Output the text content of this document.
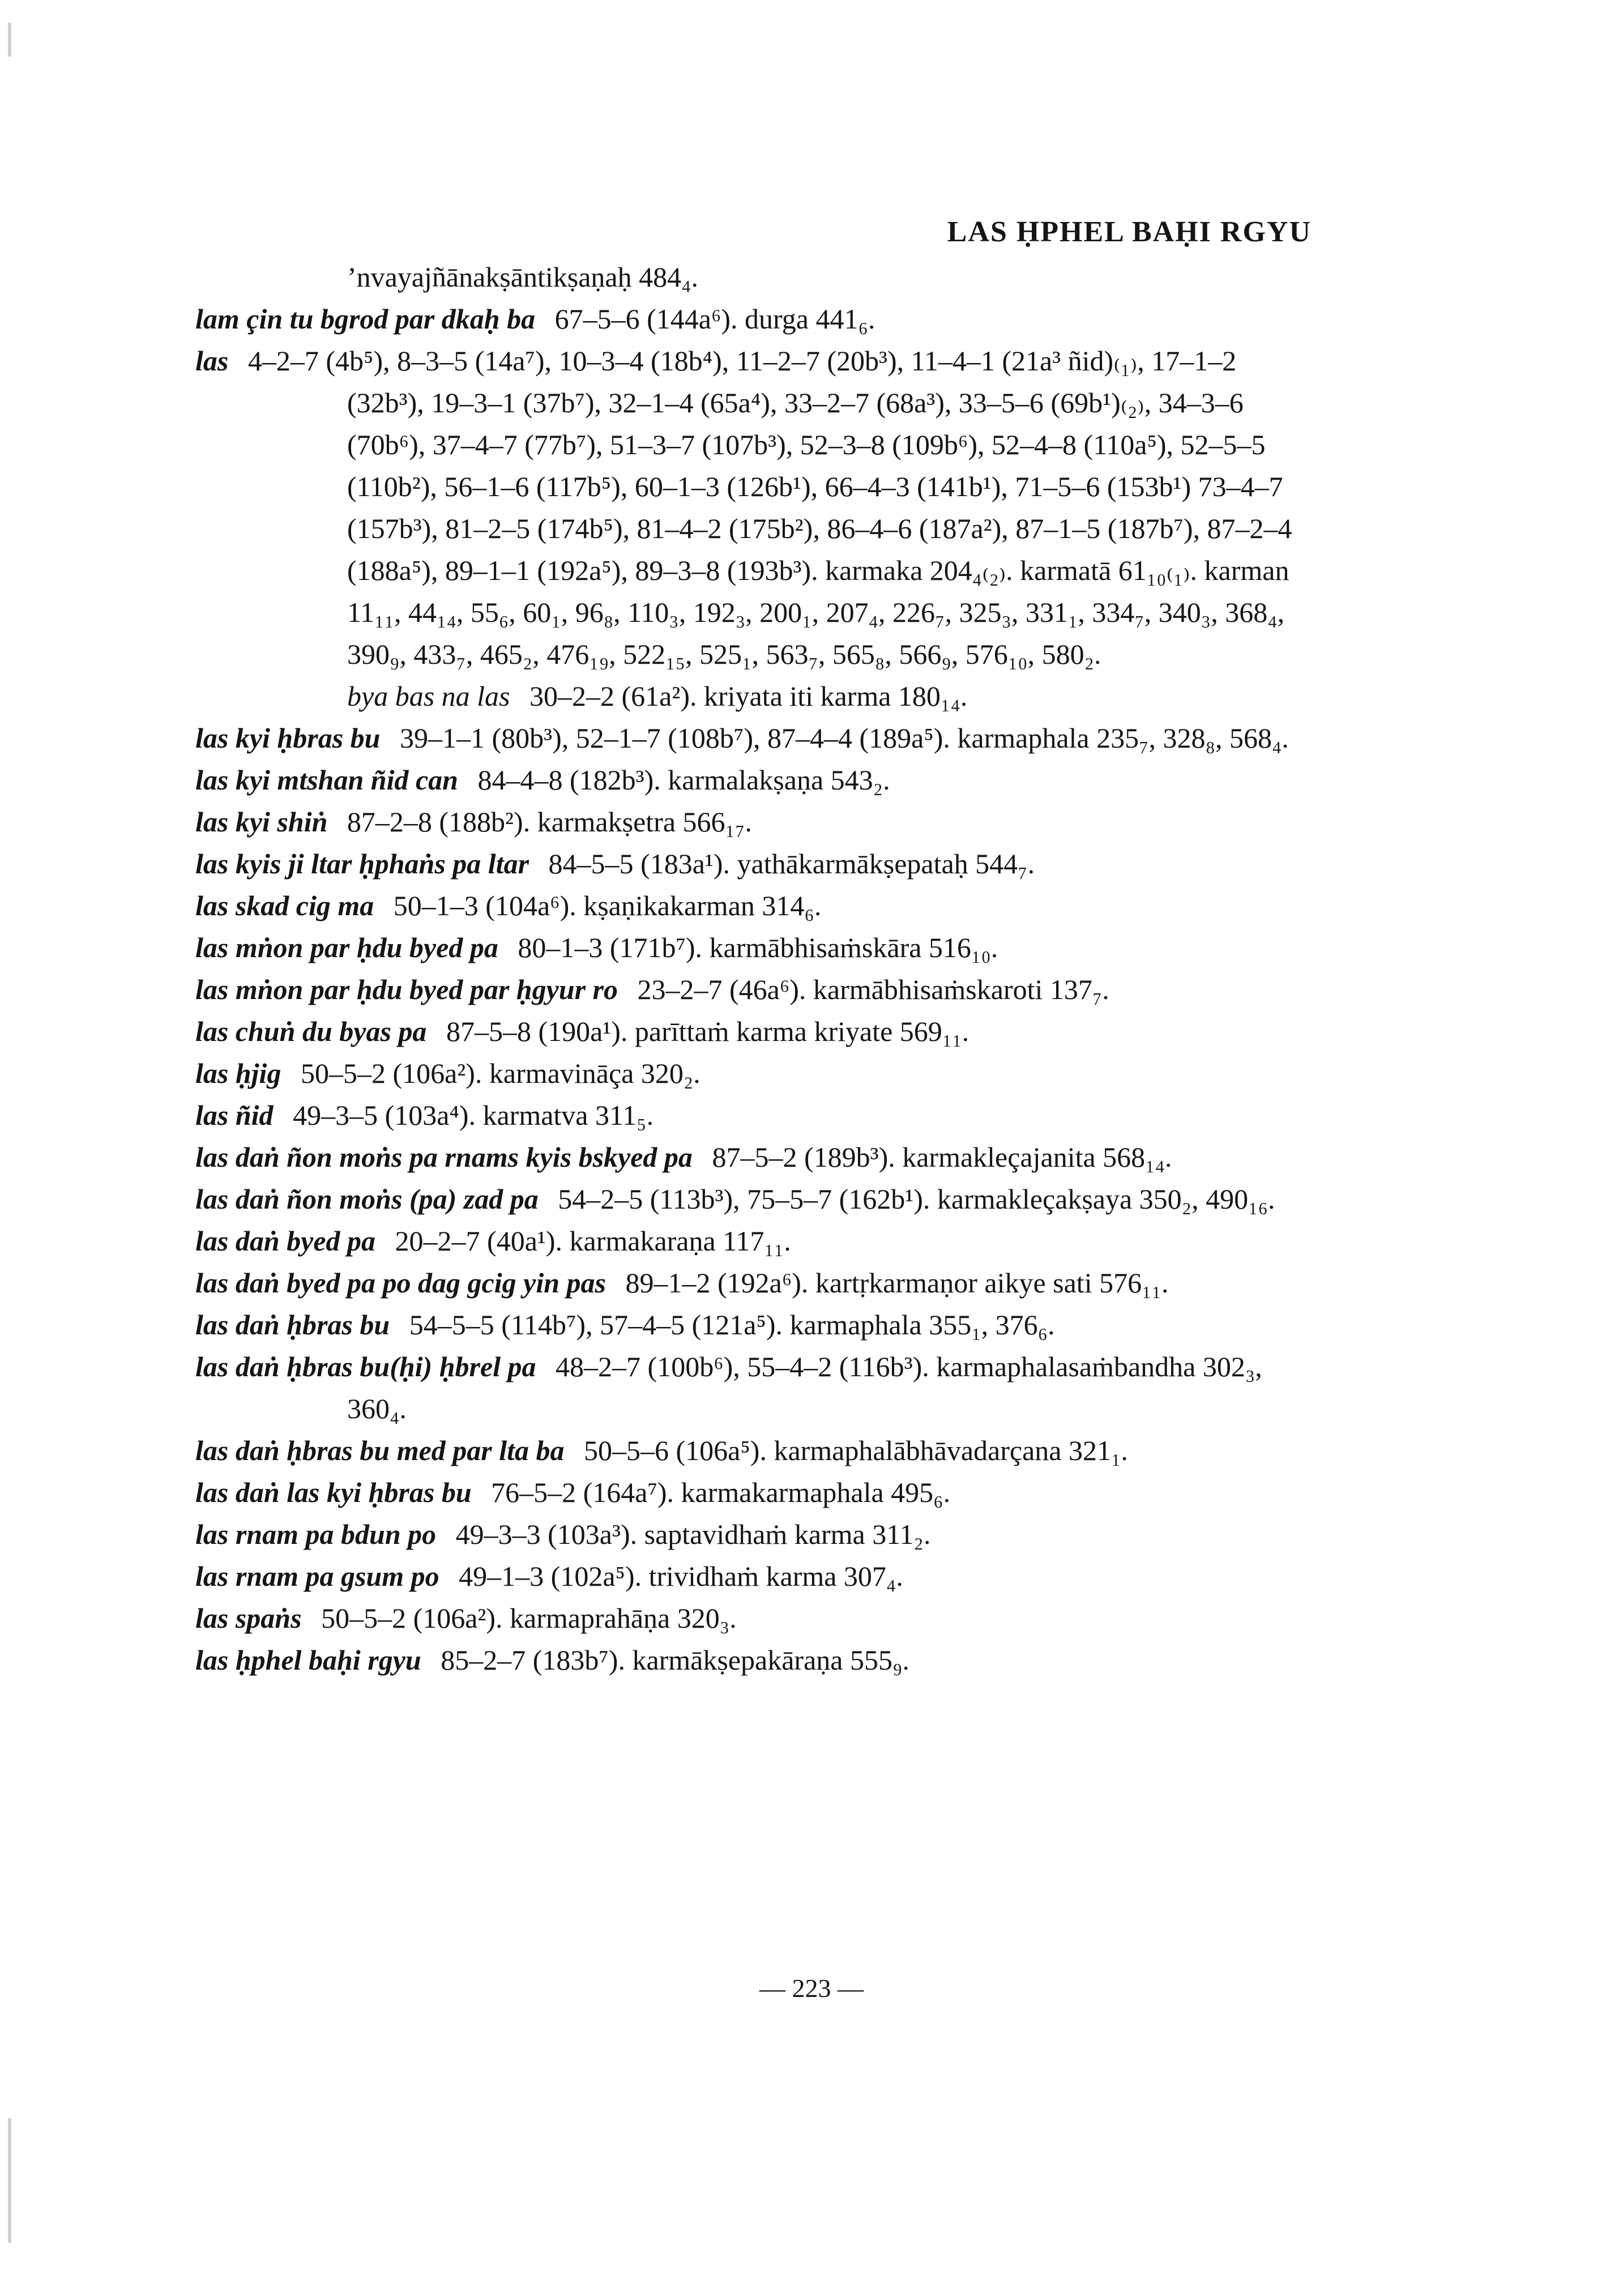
LAS ḤPHEL BAḤI RGYU
’nvayajñānakṣāntikṣaṇaḥ 484₄.
lam çin tu bgrod par dkaḥ ba 67–5–6 (144a⁶). durga 441₆.
las 4–2–7 (4b⁵), 8–3–5 (14a⁷), 10–3–4 (18b⁴), 11–2–7 (20b³), 11–4–1 (21a³ ñid)₍₁₎, 17–1–2 (32b³), 19–3–1 (37b⁷), 32–1–4 (65a⁴), 33–2–7 (68a³), 33–5–6 (69b¹)₍₂₎, 34–3–6 (70b⁶), 37–4–7 (77b⁷), 51–3–7 (107b³), 52–3–8 (109b⁶), 52–4–8 (110a⁵), 52–5–5 (110b²), 56–1–6 (117b⁵), 60–1–3 (126b¹), 66–4–3 (141b¹), 71–5–6 (153b¹) 73–4–7 (157b³), 81–2–5 (174b⁵), 81–4–2 (175b²), 86–4–6 (187a²), 87–1–5 (187b⁷), 87–2–4 (188a⁵), 89–1–1 (192a⁵), 89–3–8 (193b³). karmaka 204₄₍₂₎. karmatā 61₁₀₍₁₎. karman 11₁₁, 44₁₄, 55₆, 60₁, 96₈, 110₃, 192₃, 200₁, 207₄, 226₇, 325₃, 331₁, 334₇, 340₃, 368₄, 390₉, 433₇, 465₂, 476₁₉, 522₁₅, 525₁, 563₇, 565₈, 566₉, 576₁₀, 580₂.
bya bas na las 30–2–2 (61a²). kriyata iti karma 180₁₄.
las kyi ḥbras bu 39–1–1 (80b³), 52–1–7 (108b⁷), 87–4–4 (189a⁵). karmaphala 235₇, 328₈, 568₄.
las kyi mtshan ñid can 84–4–8 (182b³). karmalakṣaṇa 543₂.
las kyi shiṅ 87–2–8 (188b²). karmakṣetra 566₁₇.
las kyis ji ltar ḥphaṅs pa ltar 84–5–5 (183a¹). yathākarmākṣepataḥ 544₇.
las skad cig ma 50–1–3 (104a⁶). kṣaṇikakarman 314₆.
las mṅon par ḥdu byed pa 80–1–3 (171b⁷). karmābhisaṁskāra 516₁₀.
las mṅon par ḥdu byed par ḥgyur ro 23–2–7 (46a⁶). karmābhisaṁskaroti 137₇.
las chuṅ du byas pa 87–5–8 (190a¹). parīttaṁ karma kriyate 569₁₁.
las ḥjig 50–5–2 (106a²). karmavināça 320₂.
las ñid 49–3–5 (103a⁴). karmatva 311₅.
las daṅ ñon moṅs pa rnams kyis bskyed pa 87–5–2 (189b³). karmakleçajanita 568₁₄.
las daṅ ñon moṅs (pa) zad pa 54–2–5 (113b³), 75–5–7 (162b¹). karmakleçakṣaya 350₂, 490₁₆.
las daṅ byed pa 20–2–7 (40a¹). karmakaraṇa 117₁₁.
las daṅ byed pa po dag gcig yin pas 89–1–2 (192a⁶). kartṛkarmaṇor aikye sati 576₁₁.
las daṅ ḥbras bu 54–5–5 (114b⁷), 57–4–5 (121a⁵). karmaphala 355₁, 376₆.
las daṅ ḥbras bu(ḥi) ḥbrel pa 48–2–7 (100b⁶), 55–4–2 (116b³). karmaphalasaṁbandha 302₃, 360₄.
las daṅ ḥbras bu med par lta ba 50–5–6 (106a⁵). karmaphalābhāvadarçana 321₁.
las daṅ las kyi ḥbras bu 76–5–2 (164a⁷). karmakarmaphala 495₆.
las rnam pa bdun po 49–3–3 (103a³). saptavidhaṁ karma 311₂.
las rnam pa gsum po 49–1–3 (102a⁵). trividhaṁ karma 307₄.
las spaṅs 50–5–2 (106a²). karmaprahāṇa 320₃.
las ḥphel baḥi rgyu 85–2–7 (183b⁷). karmākṣepakāraṇa 555₉.
— 223 —
